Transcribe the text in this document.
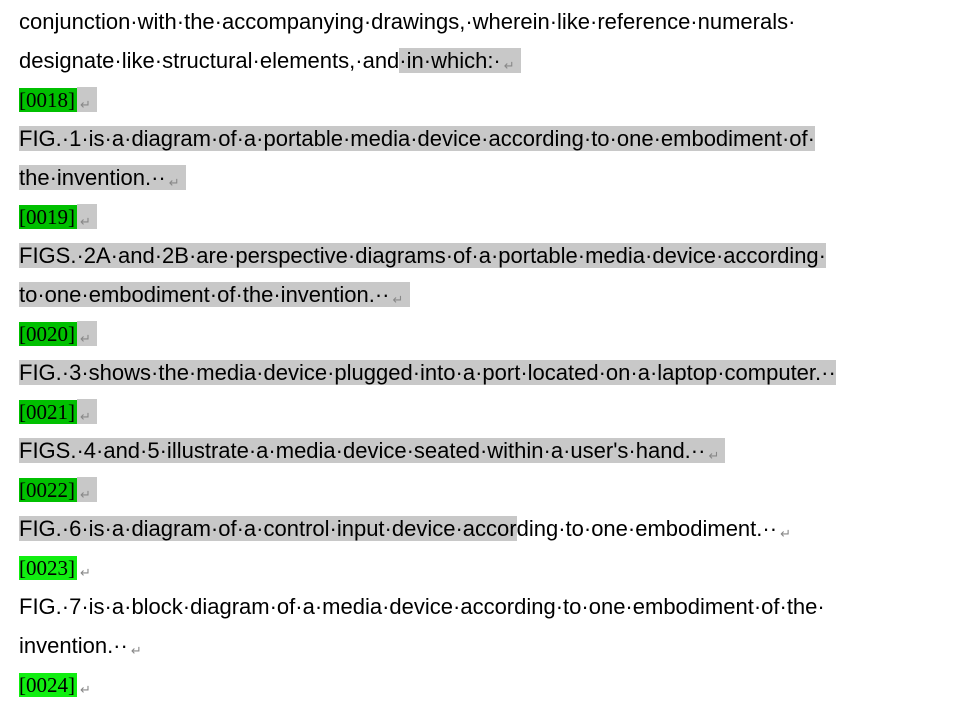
conjunction·with·the·accompanying·drawings,·wherein·like·reference·numerals·
designate·like·structural·elements,·and·in·which:· ↵
[0018] ↵
FIG.·1·is·a·diagram·of·a·portable·media·device·according·to·one·embodiment·of·
the·invention.·· ↵
[0019] ↵
FIGS.·2A·and·2B·are·perspective·diagrams·of·a·portable·media·device·according·
to·one·embodiment·of·the·invention.·· ↵
[0020] ↵
FIG.·3·shows·the·media·device·plugged·into·a·port·located·on·a·laptop·computer.··
[0021] ↵
FIGS.·4·and·5·illustrate·a·media·device·seated·within·a·user's·hand.·· ↵
[0022] ↵
FIG.·6·is·a·diagram·of·a·control·input·device·according·to·one·embodiment.·· ↵
[0023] ↵
FIG.·7·is·a·block·diagram·of·a·media·device·according·to·one·embodiment·of·the·
invention.·· ↵
[0024] ↵
